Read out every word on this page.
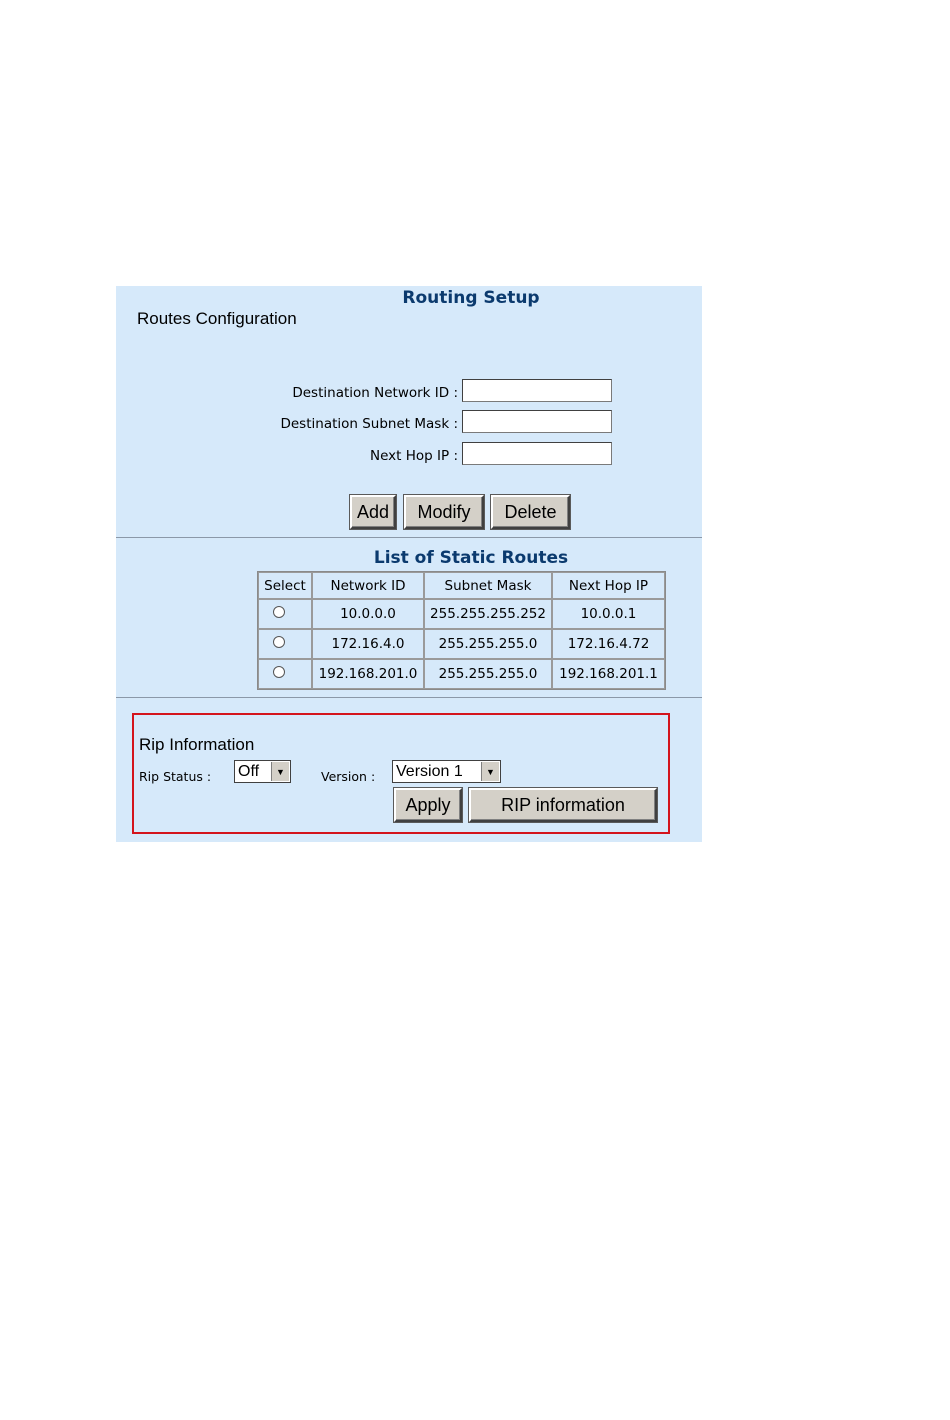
Routing Setup
Routes Configuration
Destination Network ID :
Destination Subnet Mask :
Next Hop IP :
Add	Modify	Delete
List of Static Routes
Select	Network ID	Subnet Mask	Next Hop IP
	10.0.0.0	255.255.255.252	10.0.0.1
	172.16.4.0	255.255.255.0	172.16.4.72
	192.168.201.0	255.255.255.0	192.168.201.1
Rip Information
Rip Status : Off	▼	Version : Version 1	▼
Apply	RIP information
